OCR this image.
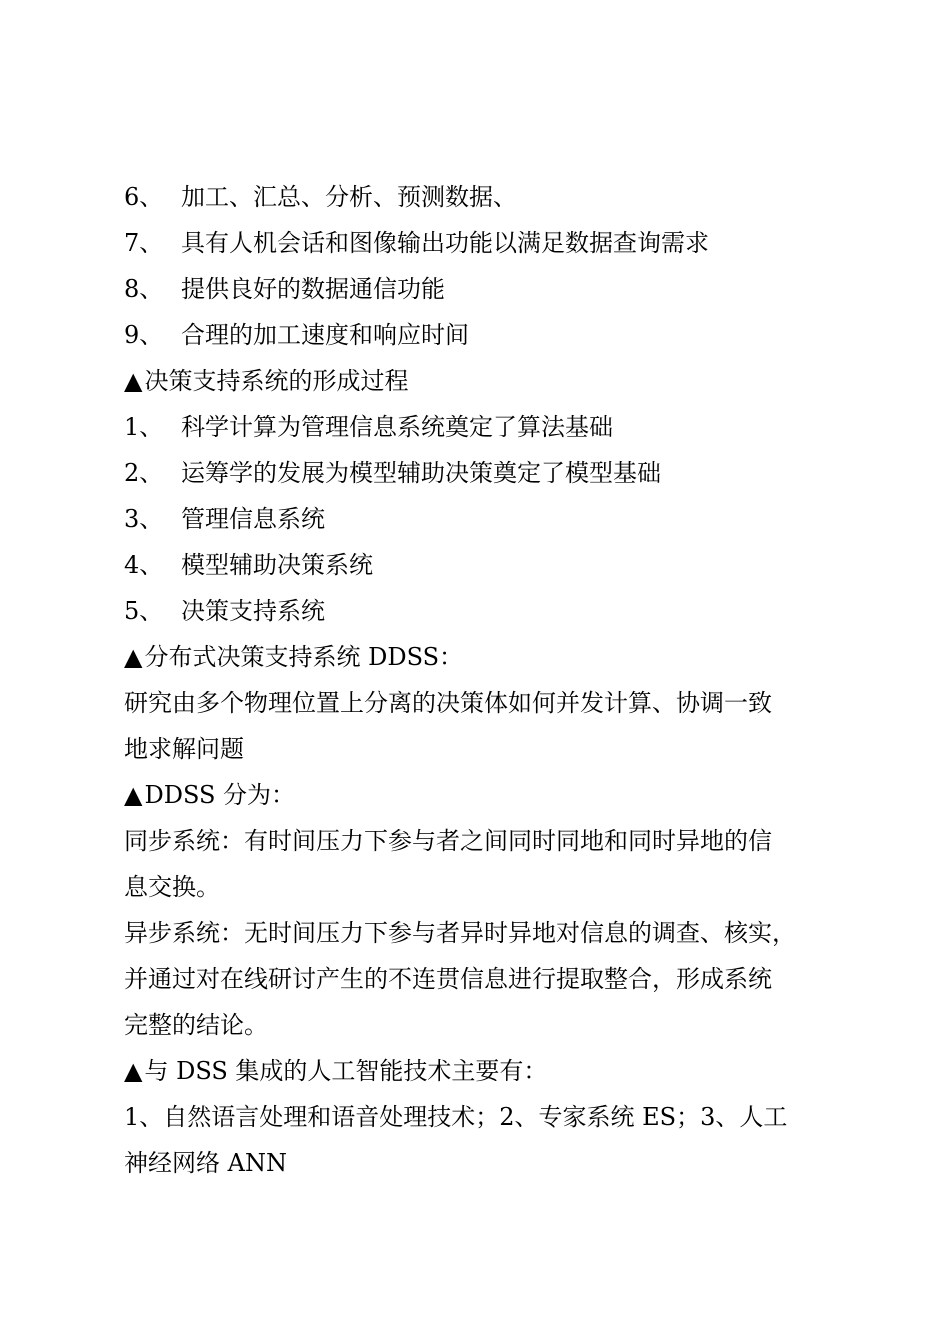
6、 加工、汇总、分析、预测数据、
7、 具有人机会话和图像输出功能以满足数据查询需求
8、 提供良好的数据通信功能
9、 合理的加工速度和响应时间
▲决策支持系统的形成过程
1、 科学计算为管理信息系统奠定了算法基础
2、 运筹学的发展为模型辅助决策奠定了模型基础
3、 管理信息系统
4、 模型辅助决策系统
5、 决策支持系统
▲分布式决策支持系统 DDSS：
研究由多个物理位置上分离的决策体如何并发计算、协调一致
地求解问题
▲DDSS 分为：
同步系统：有时间压力下参与者之间同时同地和同时异地的信
息交换。
异步系统：无时间压力下参与者异时异地对信息的调查、核实，
并通过对在线研讨产生的不连贯信息进行提取整合，形成系统
完整的结论。
▲与 DSS 集成的人工智能技术主要有：
1、自然语言处理和语音处理技术；2、专家系统 ES；3、人工
神经网络 ANN
